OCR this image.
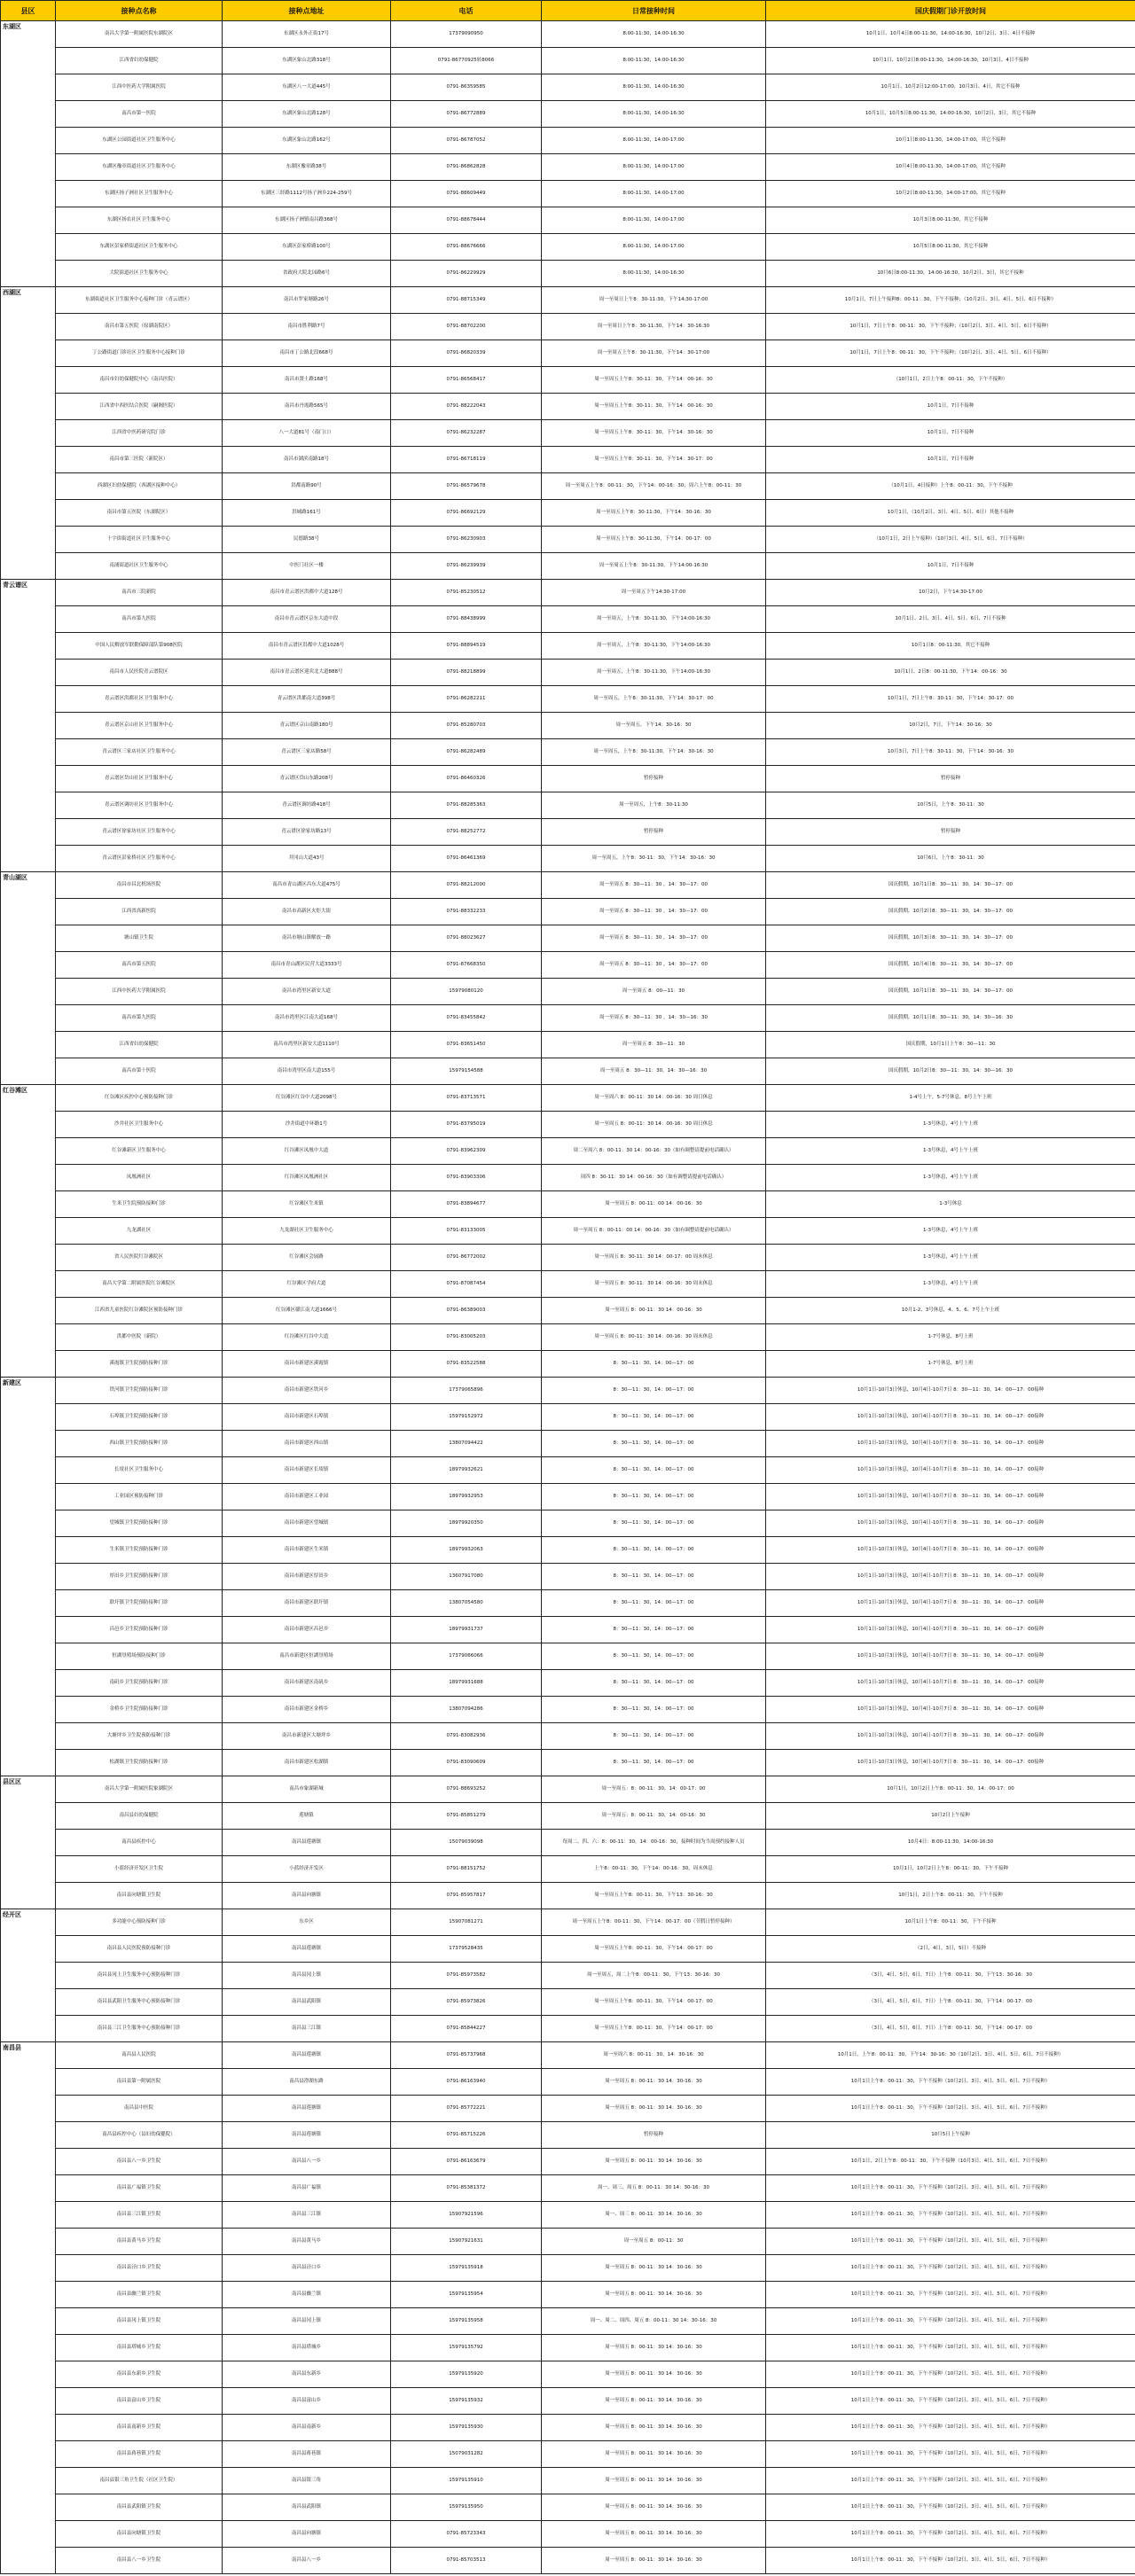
县区	接种点名称	接种点地址	电话	日常接种时间	国庆假期门诊开放时间
东湖区	南昌大学第一附属医院东湖院区	东湖区永外正街17号	17379090950	8:00-11:30，14:00-16:30	10月1日、10月4日8:00-11:30，14:00-16:30，10月2日、3日、4日不接种
	江西省妇幼保健院	东湖区象山北路318号	0791-86770925转8066	8:00-11:30，14:00-16:30	10月1日、10月2日8:00-11:30，14:00-16:30，10月3日、4日不接种
	江西中医药大学附属医院	东湖区八一大道445号	0791-86359585	8:00-11:30，14:00-16:30	10月1日、10月2日12:00-17:00，10月3日、4日，其它不接种
	南昌市第一医院	东湖区象山北路128号	0791-86772889	8:00-11:30，14:00-16:30	10月1日、10月5日8:00-11:30，14:00-16:30，10月2日、3日，其它不接种
	东湖区公园街道社区卫生服务中心	东湖区象山北路162号	0791-86787052	8:00-11:30，14:00-17:00	10月1日8:00-11:30，14:00-17:00，其它不接种
	东湖区豫章街道社区卫生服务中心	东湖区豫章路38号	0791-86862828	8:00-11:30，14:00-17:00	10月4日8:00-11:30，14:00-17:00，其它不接种
	东湖区扬子洲社区卫生服务中心	东湖区三经路1112号扬子洲乡224-259号	0791-88609449	8:00-11:30，14:00-17:00	10月2日8:00-11:30，14:00-17:00，其它不接种
	东湖区扬农社区卫生服务中心	东湖区扬子洲镇南昌路368号	0791-88678444	8:00-11:30，14:00-17:00	10月3日8:00-11:30，其它不接种
	东湖区彭家桥街道社区卫生服务中心	东湖区彭家桥路100号	0791-88676666	8:00-11:30，14:00-17:00	10月5日8:00-11:30，其它不接种
	大院街道社区卫生服务中心	省政府大院北园路6号	0791-86229929	8:00-11:30，14:00-16:30	10月6日8:00-11:30，14:00-16:30，10月2日、3日，其它不接种
西湖区	东湖街道社区卫生服务中心接种门诊（青云谱区）	南昌市罗家塘路26号	0791-88715349	周一至周日上午8：30-11:30，下午14:30-17:00	10月1日，7日上午接种8：00-11：30，下午不接种；（10月2日、3日、4日、5日、6日不接种）
	南昌市第五医院（原湖南院区）	南昌市胜利路7号	0791-88702200	周一至周日上午8：30-11:30，下午14：30-16:30	10月1日，7日上午8：00-11：30，下午不接种；（10月2日、3日、4日、5日、6日不接种）
	丁公路街道门诊社区卫生服务中心接种门诊	南昌市丁公路北段668号	0791-86820339	周一至周五上午8：30-11:30，下午14：30-17:00	10月1日，7日上午8：00-11：30，下午不接种；（10月2日、3日、4日、5日、6日不接种）
	南昌市妇幼保健院中心（南昌医院）	南昌市贤士路168号	0791-86568417	周一至周五上午8：30-11：30，下午14：00-16：30	（10月1日，2日上午8：00-11：30，下午不接种）
	江西省中西医结合医院（嗣阁医院）	南昌市丹霞路565号	0791-88222043	周一至周五上午8：30-11：30，下午14：00-16：30	10月1日，7日不接种
	江西省中医药研究院门诊	八一大道81号（南门口）	0791-86232287	周一至周五上午8：30-11：30，下午14：30-16：30	10月1日，7日不接种
	南昌市第三医院（新院区）	南昌市湖滨南路18号	0791-86718119	周一至周五上午8：30-11：30，下午14：30-17：00	10月1日，7日不接种
	西湖区妇幼保健院（西湖区接种中心）	洪都南路90号	0791-86579678	周一至周五上午8：00-11：30，下午14：00-16：30；周六上午8：00-11：30	（10月1日，4日接种）上午8：00-11：30，下午不接种
	南昌市第五医院（东湖院区）	洪城路161号	0791-86692129	周一至周五上午8：30-11:30，下午14：30-16：30	10月1日，（10月2日、3日、4日、5日、6日）其他不接种
	十字街街道社区卫生服务中心	民德路38号	0791-86230903	周一至周五上午8：30-11:30，下午14：00-17：00	（10月1日，2日上午接种）（10月3日、4日、5日、6日、7日不接种）
	南浦街道社区卫生服务中心	中医门社区一楼	0791-86239939	周一至周五上午8：30-11:30，下午14:00-16:30	10月1日，7日不接种
青云谱区	南昌市三院新院	南昌市青云谱区洪都中大道128号	0791-85230512	周一至周五下午14:30-17:00	10月2日，下午14:30-17:00
	南昌市第九医院	南昌市青云谱区京东大道中段	0791-88438999	周一至周五，上午8：30-11:30，下午14:00-16:30	10月1日、2日、3日、4日、5日、6日、7日不接种
	中国人民解放军联勤保障部队第908医院	南昌市青云谱区洪都中大道1028号	0791-88894519	周一至周五，上午8：30-11:30，下午14:00-16:30	10月1日8：00-11:30，其它不接种
	南昌市人民医院青云谱院区	南昌市青云谱区迎宾北大道888号	0791-88218899	周一至周五，上午8：30-11:30，下午14:00-16:30	10月1日、2日8：00-11:30，下午14：00-16：30
	青云谱区洪都社区卫生服务中心	青云谱区洪都南大道398号	0791-86282211	周一至周五，上午8：30-11:30，下午14：30-17：00	10月1日，7日上午8：30-11：30，下午14：30-17：00
	青云谱区京山社区卫生服务中心	青云谱区京山南路180号	0791-85280703	周一至周五，下午14：30-16：30	10月2日，7日，下午14：30-16：30
	青云谱区三家店社区卫生服务中心	青云谱区三家店路58号	0791-86282489	周一至周五，上午8：30-11:30，下午14：30-16：30	10月3日，7日上午8：30-11：30，下午14：30-16：30
	青云谱区岱山社区卫生服务中心	青云谱区岱山东路208号	0791-86460326	暂停接种	暂停接种
	青云谱区调坊社区卫生服务中心	青云谱区调坊路418号	0791-88285363	周一至周五，上午8：30-11:30	10月5日，上午8：30-11：30
	青云谱区徐家坊社区卫生服务中心	青云谱区徐家坊路13号	0791-88252772	暂停接种	暂停接种
	青云谱区彭家桥社区卫生服务中心	井冈山大道43号	0791-86461369	周一至周五，上午8：30-11：30，下午14：30-16：30	10月6日，上午8：30-11：30
青山湖区	南昌市昌北机场医院	南昌市青山湖区昌东大道475号	0791-88212000	周一至周五 8：30—11：30 ，14：30—17：00	国庆假期，10月1日8：30—11：30，14：30—17：00
	江西省高新医院	南昌市高新区火炬大街	0791-88332233	周一至周五 8：30—11：30 ，14：30—17：00	国庆假期，10月2日8：30—11：30，14：30—17：00
	塘山镇卫生院	南昌市塘山镇解放一路	0791-88023627	周一至周五 8：30—11：30 ，14：30—17：00	国庆假期，10月3日8：30—11：30，14：30—17：00
	南昌市第五医院	南昌市青山湖区民营大道3333号	0791-87668350	周一至周五 8：30—11：30 ，14：30—17：00	国庆假期，10月4日8：30—11：30，14：30—17：00
	江西中医药大学附属医院	南昌市湾里区新安大道	15979080120	周一至周五 8：00—11：30	国庆假期，10月1日8：30—11：30，14：30—17：00
	南昌市第九医院	南昌市湾里区江南大道168号	0791-83455842	周一至周五 8：30—11：30 ，14：30—16：30	国庆假期，10月1日8：30—11：30，14：30—16：30
	江西省妇幼保健院	南昌市湾里区新安大道1110号	0791-83651450	周一至周五 8：30—11：30	国庆假期，10月1日上午8：30—11：30
	南昌市第十医院	南昌市湾里区南大道155号	15979154588	周一至周五 8：30—11：30，14：30—16：30	国庆假期，10月2日8：30—11：30，14：30—16：30
红谷滩区	红谷滩区疾控中心预防接种门诊	红谷滩区红谷中大道2098号	0791-83713571	周一至周六 8：00-11：30 14：00-16：30 周日休息	1-4号上午，5-7号休息，8号上午上班
	沙井社区卫生服务中心	沙井街道中环路1号	0791-83795019	周一至周五 8：00-11：30 14：00-16：30 周日休息	1-3号休息，4号上午上班
	红谷滩新区卫生服务中心	红谷滩区凤凰中大道	0791-83962309	周二至周六 8：00-11：30 14：00-16：30（如有调整请提前电话确认）	1-3号休息，4号上午上班
	凤凰洲社区	红谷滩区凤凰洲社区	0791-83903306	周四 8：30-11：30 14：00-16：30（如有调整请提前电话确认）	1-3号休息，4号上午上班
	生米卫生院预防接种门诊	红谷滩区生米镇	0791-83894677	周一至周五 8：00-11：00 14：00-16：30	1-3号休息
	九龙湖社区	九龙湖社区卫生服务中心	0791-83133005	周一至周五 8：00-11：00 14：00-16：30（如有调整请提前电话确认）	1-3号休息，4号上午上班
	省人民医院红谷滩院区	红谷滩区会展路	0791-86772002	周一至周五 8：30-11：30 14：00-17：00 周末休息	1-3号休息，4号上午上班
	南昌大学第二附属医院红谷滩院区	红谷滩区学府大道	0791-87087454	周一至周五 8：30-11：30 14：00-16：30 周末休息	1-3号休息，4号上午上班
	江西省儿童医院红谷滩院区预防接种门诊	红谷滩区赣江南大道1666号	0791-86389003	周一至周五 8：00-11：30 14：00-16：30	10月1-2、3号休息，4、5、6、7号上午上班
	洪都中医院（新院）	红谷滩区红谷中大道	0791-83005203	周一至周五 8：00-11：30 14：00-16：30 周末休息	1-7号休息，8号上班
	溪霞镇卫生院预防接种门诊	南昌市新建区溪霞镇	0791-83522588	8：30—11：30，14：00—17：00	1-7号休息，8号上班
新建区	铁河镇卫生院预防接种门诊	南昌市新建区铁河乡	17379065896	8：30—11：30，14：00—17：00	10月1日-10月3日休息，10月4日-10月7日 8：30—11：30，14：00—17：00接种
	石埠镇卫生院预防接种门诊	南昌市新建区石埠镇	15979152972	8：30—11：30，14：00—17：00	10月1日-10月3日休息，10月4日-10月7日 8：30—11：30，14：00—17：00接种
	西山镇卫生院预防接种门诊	南昌市新建区西山镇	13807094422	8：30—11：30，14：00—17：00	10月1日-10月3日休息，10月4日-10月7日 8：30—11：30，14：00—17：00接种
	长堎社区卫生服务中心	南昌市新建区长堎镇	18979932621	8：30—11：30，14：00—17：00	10月1日-10月3日休息，10月4日-10月7日 8：30—11：30，14：00—17：00接种
	工业园区预防接种门诊	南昌市新建区工业园	18979932953	8：30—11：30，14：00—17：00	10月1日-10月3日休息，10月4日-10月7日 8：30—11：30，14：00—17：00接种
	望城镇卫生院预防接种门诊	南昌市新建区望城镇	18979920350	8：30—11：30，14：00—17：00	10月1日-10月3日休息，10月4日-10月7日 8：30—11：30，14：00—17：00接种
	生米镇卫生院预防接种门诊	南昌市新建区生米镇	18979932063	8：30—11：30，14：00—17：00	10月1日-10月3日休息，10月4日-10月7日 8：30—11：30，14：00—17：00接种
	厚田乡卫生院预防接种门诊	南昌市新建区厚田乡	13607917080	8：30—11：30，14：00—17：00	10月1日-10月3日休息，10月4日-10月7日 8：30—11：30，14：00—17：00接种
	联圩镇卫生院预防接种门诊	南昌市新建区联圩镇	13807054580	8：30—11：30，14：00—17：00	10月1日-10月3日休息，10月4日-10月7日 8：30—11：30，14：00—17：00接种
	昌邑乡卫生院预防接种门诊	南昌市新建区昌邑乡	18979931737	8：30—11：30，14：00—17：00	10月1日-10月3日休息，10月4日-10月7日 8：30—11：30，14：00—17：00接种
	恒湖垦殖场预防接种门诊	南昌市新建区恒湖垦殖场	17379066066	8：30—11：30，14：00—17：00	10月1日-10月3日休息，10月4日-10月7日 8：30—11：30，14：00—17：00接种
	南矶乡卫生院预防接种门诊	南昌市新建区南矶乡	18979931688	8：30—11：30，14：00—17：00	10月1日-10月3日休息，10月4日-10月7日 8：30—11：30，14：00—17：00接种
	金桥乡卫生院预防接种门诊	南昌市新建区金桥乡	13807094286	8：30—11：30，14：00—17：00	10月1日-10月3日休息，10月4日-10月7日 8：30—11：30，14：00—17：00接种
	大塘坪乡卫生院预防接种门诊	南昌市新建区大塘坪乡	0791-83082936	8：30—11：30，14：00—17：00	10月1日-10月3日休息，10月4日-10月7日 8：30—11：30，14：00—17：00接种
	松湖镇卫生院预防接种门诊	南昌市新建区松湖镇	0791-83090609	8：30—11：30，14：00—17：00	10月1日-10月3日休息，10月4日-10月7日 8：30—11：30，14：00—17：00接种
县区区	南昌大学第一附属医院象湖院区	南昌市象湖新城	0791-88693252	周一至周五：8：00-11：30，14：00-17：00	10月1日，10月2日上午8：00-11：30，14：00-17：00
	南昌县妇幼保健院	莲塘镇	0791-85851279	周一至周五：8：00-11：30，14：00-16：30	10月2日上午接种
	南昌县疾控中心	南昌县莲塘镇	15079039098	每周二、四、六：8：00-11：30，14：00-16：30，接种时间为当周预约接种人员	10月4日：8:00-11:30，14:00-16:30
	小蓝经济开发区卫生院	小蓝经济开发区	0791-88151752	上午8：00-11：30，下午14：00-16：30，周末休息	10月1日，10月2日上午8：00-11：30，下午不接种
	南昌县向塘镇卫生院	南昌县向塘镇	0791-85957817	周一至周五上午8：00-11：30，下午13：30-16：30	10月1日，2日上午8：00-11：30，下午不接种
经开区	多功能中心预防接种门诊	东乡区	15907081271	周一至周五上午8：00-11：30，下午14：00-17：00（节假日暂停接种）	10月1日上午8：00-11：30，下午不接种
	南昌县人民医院预防接种门诊	南昌县莲塘镇	17379528435	周一至周五上午8：00-11：30，下午14：00-17：00	（2日，4日，3日，5日）不接种
	南昌县冈上卫生服务中心预防接种门诊	南昌县冈上镇	0791-85973582	周一至周五，周二上午8：00-11：30，下午13：30-16：30	（3日，4日，5日，6日，7日）上午8：00-11：30，下午13：30-16：30
	南昌县武阳卫生服务中心预防接种门诊	南昌县武阳镇	0791-85973826	周一至周五上午8：00-11：30，下午14：00-17：00	（3日，4日，5日，6日，7日）上午8：00-11：30，下午14：00-17：00
	南昌县三江卫生服务中心预防接种门诊	南昌县三江镇	0791-85844227	周一至周五上午8：00-11：30，下午14：00-17：00	（3日，4日，5日，6日，7日）上午8：00-11：30，下午14：00-17：00
南昌县	南昌县人民医院	南昌县莲塘镇	0791-85737968	周一至周六 8：00-11：30，14：30-16：30	10月1日，上午8：00-11：30，下午14：30-16：30（10月2日、3日、4日、5日、6日、7日不接种）
	南昌县第一附属医院	南昌县澄湖东路	0791-86163940	周一至周五 8：00-11：30 14：30-16：30	10月1日上午8：00-11：30，下午不接种（10月2日、3日、4日、5日、6日、7日不接种）
	南昌县中医院	南昌县莲塘镇	0791-85772221	周一至周五 8：00-11：30 14：30-16：30	10月1日上午8：00-11：30，下午不接种（10月2日、3日、4日、5日、6日、7日不接种）
	南昌县疾控中心（县妇幼保健院）	南昌县莲塘镇	0791-85715226	暂停接种	10月5日上午接种
	南昌县八一乡卫生院	南昌县八一乡	0791-86163679	周一至周五 8：00-11：30 14：30-16：30	10月1日，2日上午8：00-11：30，下午不接种（10月3日、4日、5日、6日、7日不接种）
	南昌县广福镇卫生院	南昌县广福镇	0791-85381372	周一、周三、周五 8：00-11：30 14：30-16：30	10月1日上午8：00-11：30，下午不接种（10月2日、3日、4日、5日、6日、7日不接种）
	南昌县三江镇卫生院	南昌县三江镇	15907921596	周一、周三 8：00-11：30 14：30-16：30	10月1日上午8：00-11：30，下午不接种（10月2日、3日、4日、5日、6日、7日不接种）
	南昌县黄马乡卫生院	南昌县黄马乡	15907921631	周一至周五 8：00-11：30	10月1日上午8：00-11：30，下午不接种（10月2日、3日、4日、5日、6日、7日不接种）
	南昌县泾口乡卫生院	南昌县泾口乡	15979135918	周一至周五 8：00-11：30 14：30-16：30	10月1日上午8：00-11：30，下午不接种（10月2日、3日、4日、5日、6日、7日不接种）
	南昌县幽兰镇卫生院	南昌县幽兰镇	15979135954	周一至周五 8：00-11：30 14：30-16：30	10月1日上午8：00-11：30，下午不接种（10月2日、3日、4日、5日、6日、7日不接种）
	南昌县冈上镇卫生院	南昌县冈上镇	15979135958	周一、周二、周四、周五 8：00-11：30 14：30-16：30	10月1日上午8：00-11：30，下午不接种（10月2日、3日、4日、5日、6日、7日不接种）
	南昌县塔城乡卫生院	南昌县塔城乡	15979135792	周一至周五 8：00-11：30 14：30-16：30	10月1日上午8：00-11：30，下午不接种（10月2日、3日、4日、5日、6日、7日不接种）
	南昌县东新乡卫生院	南昌县东新乡	15979135920	周一至周五 8：00-11：30 14：30-16：30	10月1日上午8：00-11：30，下午不接种（10月2日、3日、4日、5日、6日、7日不接种）
	南昌县富山乡卫生院	南昌县富山乡	15979135932	周一至周五 8：00-11：30 14：30-16：30	10月1日上午8：00-11：30，下午不接种（10月2日、3日、4日、5日、6日、7日不接种）
	南昌县南新乡卫生院	南昌县南新乡	15979135930	周一至周五 8：00-11：30 14：30-16：30	10月1日上午8：00-11：30，下午不接种（10月2日、3日、4日、5日、6日、7日不接种）
	南昌县蒋巷镇卫生院	南昌县蒋巷镇	15079031282	周一至周五 8：00-11：30 14：30-16：30	10月1日上午8：00-11：30，下午不接种（10月2日、3日、4日、5日、6日、7日不接种）
	南昌县银三角卫生院（社区卫生院）	南昌县银三角	15979135910	周一至周五 8：00-11：30 14：30-16：30	10月1日上午8：00-11：30，下午不接种（10月2日、3日、4日、5日、6日、7日不接种）
	南昌县武阳镇卫生院	南昌县武阳镇	15979135950	周一至周五 8：00-11：30 14：30-16：30	10月1日上午8：00-11：30，下午不接种（10月2日、3日、4日、5日、6日、7日不接种）
	南昌县向塘镇卫生院	南昌县向塘镇	0791-85723343	周一至周五 8：00-11：30 14：30-16：30	10月1日上午8：00-11：30，下午不接种（10月2日、3日、4日、5日、6日、7日不接种）
	南昌县八一乡卫生院	南昌县八一乡	0791-85703513	周一至周五 8：00-11：30 14：30-16：30	10月1日上午8：00-11：30，下午不接种（10月2日、3日、4日、5日、6日、7日不接种）
